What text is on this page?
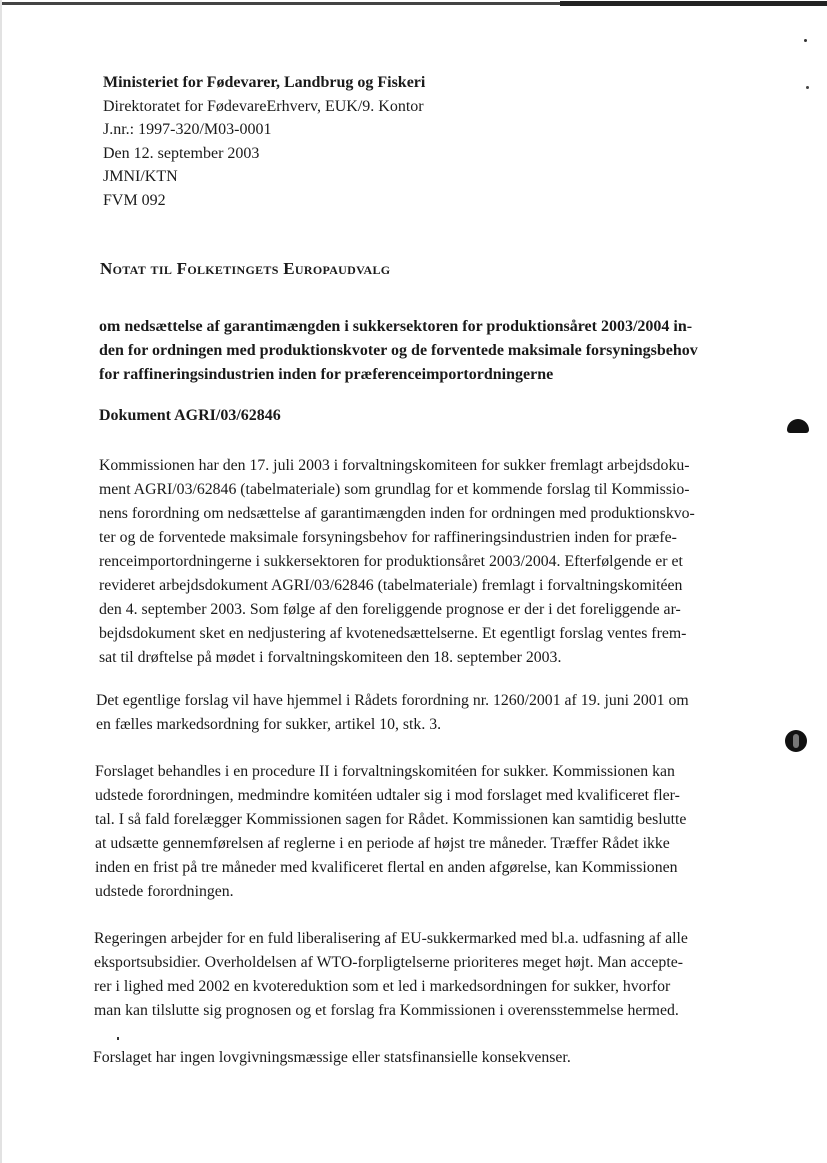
Ministeriet for Fødevarer, Landbrug og Fiskeri
Direktoratet for FødevareErhverv, EUK/9. Kontor
J.nr.: 1997-320/M03-0001
Den 12. september 2003
JMNI/KTN
FVM 092
Notat til Folketingets Europaudvalg
om nedsættelse af garantimængden i sukkersektoren for produktionsåret 2003/2004 in-
den for ordningen med produktionskvoter og de forventede maksimale forsyningsbehov
for raffineringsindustrien inden for præferenceimportordningerne
Dokument AGRI/03/62846
Kommissionen har den 17. juli 2003 i forvaltningskomiteen for sukker fremlagt arbejdsdoku-
ment AGRI/03/62846 (tabelmateriale) som grundlag for et kommende forslag til Kommissio-
nens forordning om nedsættelse af garantimængden inden for ordningen med produktionskvo-
ter og de forventede maksimale forsyningsbehov for raffineringsindustrien inden for præfe-
renceimportordningerne i sukkersektoren for produktionsåret 2003/2004. Efterfølgende er et
revideret arbejdsdokument AGRI/03/62846 (tabelmateriale) fremlagt i forvaltningskomitéen
den 4. september 2003. Som følge af den foreliggende prognose er der i det foreliggende ar-
bejdsdokument sket en nedjustering af kvotenedsættelserne. Et egentligt forslag ventes frem-
sat til drøftelse på mødet i forvaltningskomiteen den 18. september 2003.
Det egentlige forslag vil have hjemmel i Rådets forordning nr. 1260/2001 af 19. juni 2001 om
en fælles markedsordning for sukker, artikel 10, stk. 3.
Forslaget behandles i en procedure II i forvaltningskomitéen for sukker. Kommissionen kan
udstede forordningen, medmindre komitéen udtaler sig i mod forslaget med kvalificeret fler-
tal. I så fald forelægger Kommissionen sagen for Rådet. Kommissionen kan samtidig beslutte
at udsætte gennemførelsen af reglerne i en periode af højst tre måneder. Træffer Rådet ikke
inden en frist på tre måneder med kvalificeret flertal en anden afgørelse, kan Kommissionen
udstede forordningen.
Regeringen arbejder for en fuld liberalisering af EU-sukkermarked med bl.a. udfasning af alle
eksportsubsidier. Overholdelsen af WTO-forpligtelserne prioriteres meget højt. Man accepte-
rer i lighed med 2002 en kvotereduktion som et led i markedsordningen for sukker, hvorfor
man kan tilslutte sig prognosen og et forslag fra Kommissionen i overensstemmelse hermed.
Forslaget har ingen lovgivningsmæssige eller statsfinansielle konsekvenser.
